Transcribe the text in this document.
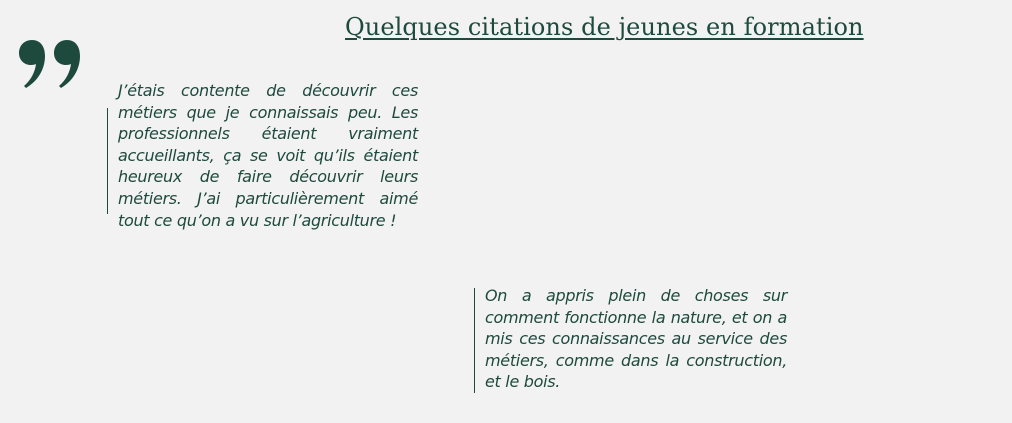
Quelques citations de jeunes en formation

J’étais contente de découvrir ces métiers que je connaissais peu. Les professionnels étaient vraiment accueillants, ça se voit qu’ils étaient heureux de faire découvrir leurs métiers. J’ai particulièrement aimé tout ce qu’on a vu sur l’agriculture !

On a appris plein de choses sur comment fonctionne la nature, et on a mis ces connaissances au service des métiers, comme dans la construction, et le bois.
